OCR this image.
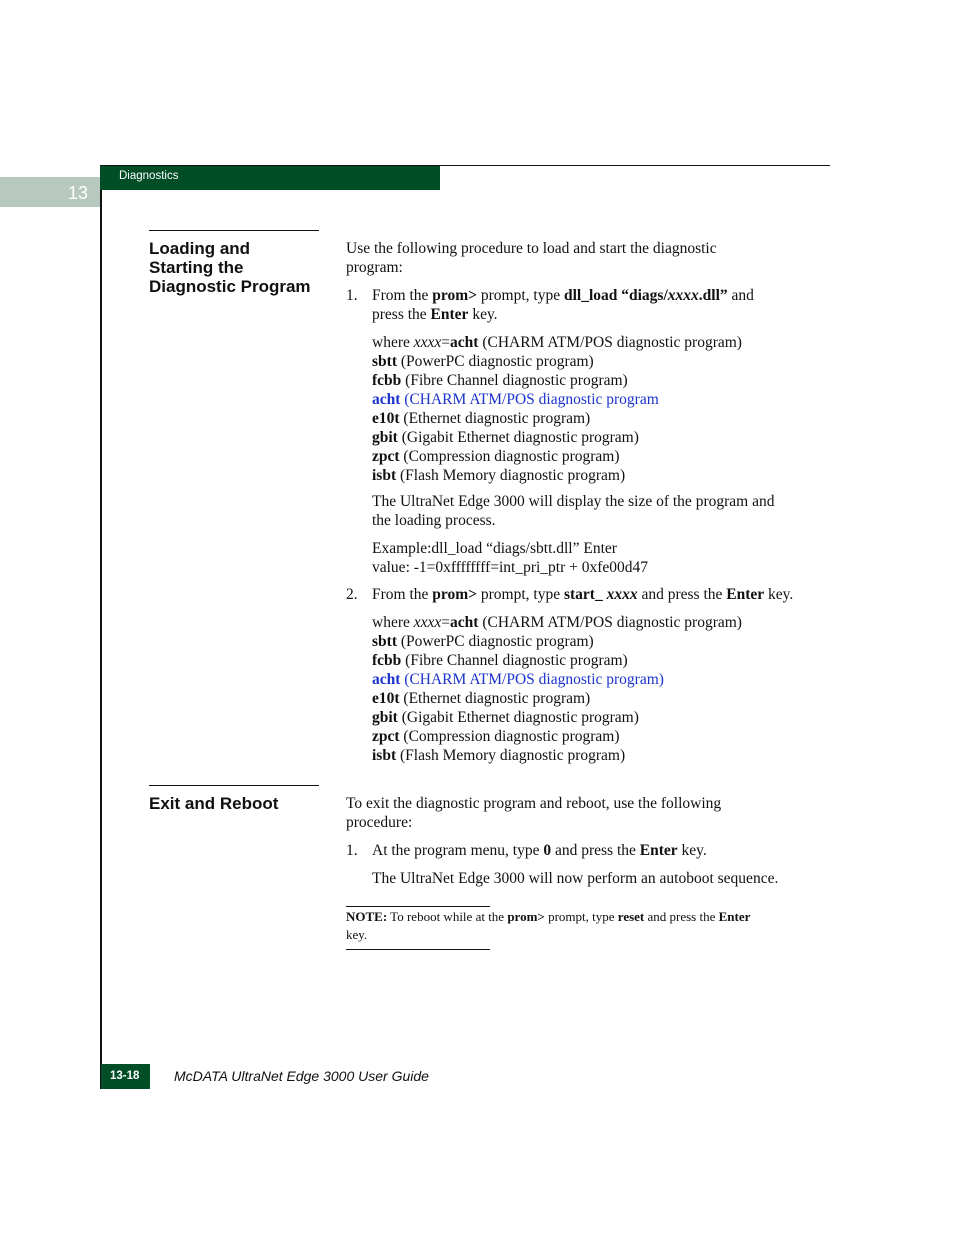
13
Diagnostics
Loading and
Starting the
Diagnostic Program
Use the following procedure to load and start the diagnostic
program:
1. From the prom> prompt, type dll_load “diags/xxxx.dll” and
press the Enter key.
where xxxx=acht (CHARM ATM/POS diagnostic program)
sbtt (PowerPC diagnostic program)
fcbb (Fibre Channel diagnostic program)
acht (CHARM ATM/POS diagnostic program
e10t (Ethernet diagnostic program)
gbit (Gigabit Ethernet diagnostic program)
zpct (Compression diagnostic program)
isbt (Flash Memory diagnostic program)
The UltraNet Edge 3000 will display the size of the program and
the loading process.
Example:dll_load “diags/sbtt.dll” Enter
value: -1=0xffffffff=int_pri_ptr + 0xfe00d47
2. From the prom> prompt, type start_ xxxx and press the Enter key.
where xxxx=acht (CHARM ATM/POS diagnostic program)
sbtt (PowerPC diagnostic program)
fcbb (Fibre Channel diagnostic program)
acht (CHARM ATM/POS diagnostic program)
e10t (Ethernet diagnostic program)
gbit (Gigabit Ethernet diagnostic program)
zpct (Compression diagnostic program)
isbt (Flash Memory diagnostic program)
Exit and Reboot	To exit the diagnostic program and reboot, use the following
procedure:
1. At the program menu, type 0 and press the Enter key.
The UltraNet Edge 3000 will now perform an autoboot sequence.
NOTE: To reboot while at the prom> prompt, type reset and press the Enter
key.
13-18 McDATA UltraNet Edge 3000 User Guide
